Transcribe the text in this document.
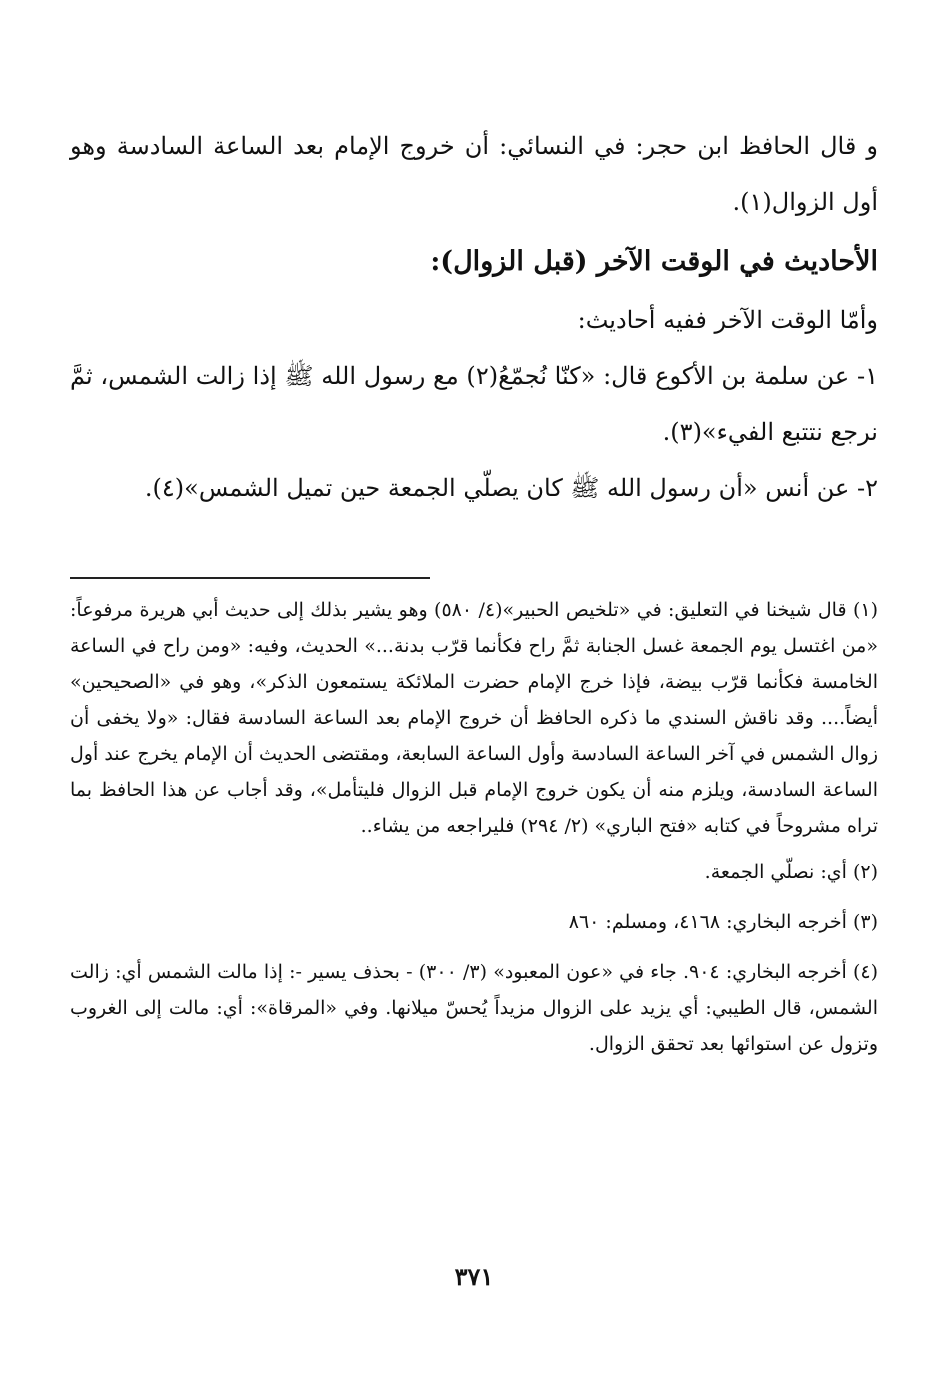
و قال الحافظ ابن حجر: في النسائي: أن خروج الإمام بعد الساعة السادسة وهو أول الزوال(١).

الأحاديث في الوقت الآخر (قبل الزوال):

وأمّا الوقت الآخر ففيه أحاديث:

١- عن سلمة بن الأكوع قال: «كنّا نُجمّعُ(٢) مع رسول الله ﷺ إذا زالت الشمس، ثمَّ نرجع نتتبع الفيء»(٣).

٢- عن أنس «أن رسول الله ﷺ كان يصلّي الجمعة حين تميل الشمس»(٤).

(١) قال شيخنا في التعليق: في «تلخيص الحبير»(٤/ ٥٨٠) وهو يشير بذلك إلى حديث أبي هريرة مرفوعاً: «من اغتسل يوم الجمعة غسل الجنابة ثمَّ راح فكأنما قرّب بدنة...» الحديث، وفيه: «ومن راح في الساعة الخامسة فكأنما قرّب بيضة، فإذا خرج الإمام حضرت الملائكة يستمعون الذكر»، وهو في «الصحيحين» أيضاً.... وقد ناقش السندي ما ذكره الحافظ أن خروج الإمام بعد الساعة السادسة فقال: «ولا يخفى أن زوال الشمس في آخر الساعة السادسة وأول الساعة السابعة، ومقتضى الحديث أن الإمام يخرج عند أول الساعة السادسة، ويلزم منه أن يكون خروج الإمام قبل الزوال فليتأمل»، وقد أجاب عن هذا الحافظ بما تراه مشروحاً في كتابه «فتح الباري» (٢/ ٢٩٤) فليراجعه من يشاء..

(٢) أي: نصلّي الجمعة.

(٣) أخرجه البخاري: ٤١٦٨، ومسلم: ٨٦٠

(٤) أخرجه البخاري: ٩٠٤. جاء في «عون المعبود» (٣/ ٣٠٠) - بحذف يسير -: إذا مالت الشمس أي: زالت الشمس، قال الطيبي: أي يزيد على الزوال مزيداً يُحسّ ميلانها. وفي «المرقاة»: أي: مالت إلى الغروب وتزول عن استوائها بعد تحقق الزوال.

٣٧١
